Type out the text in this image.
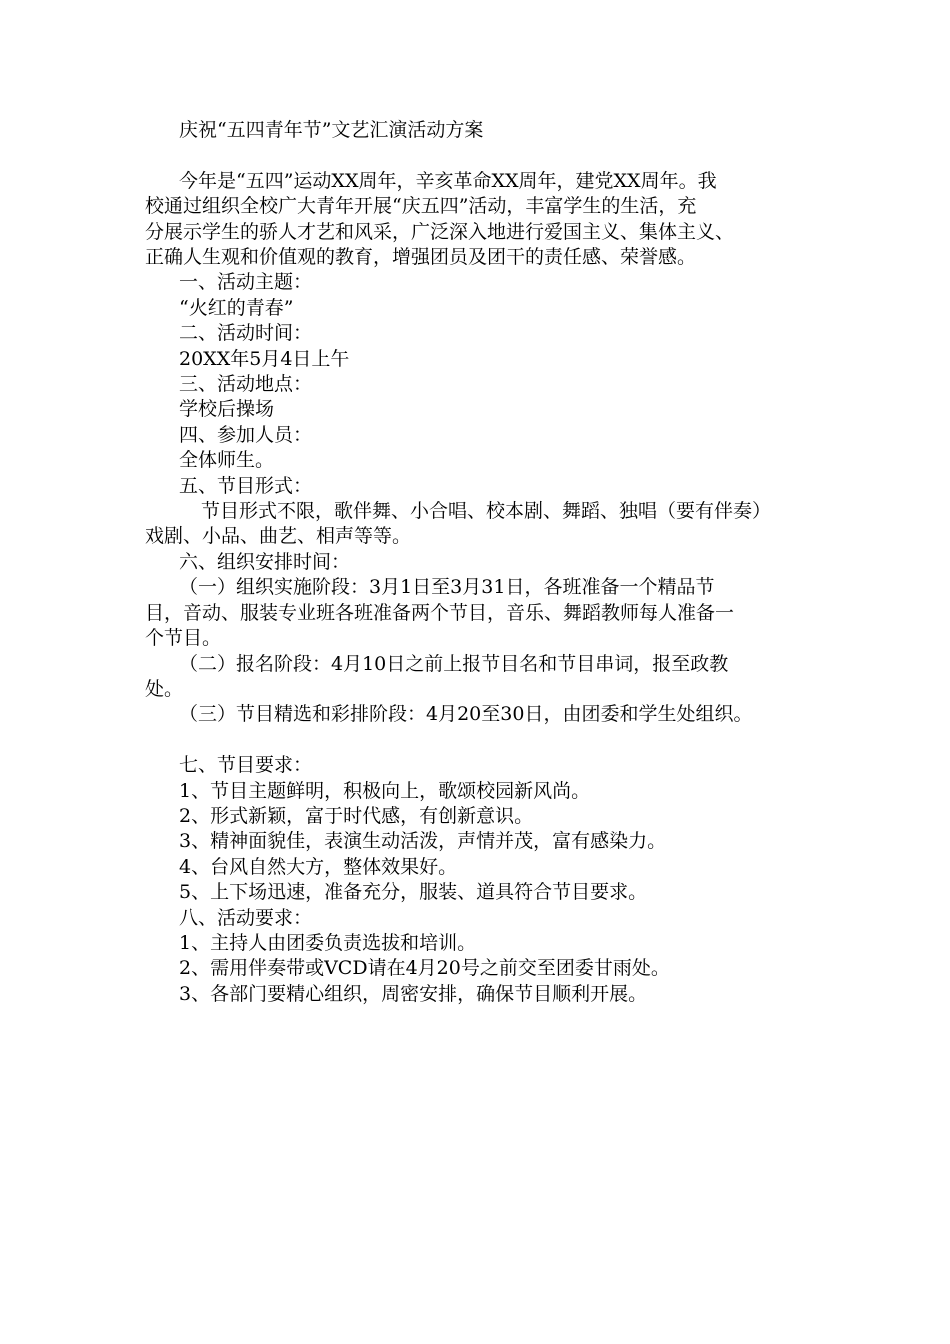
庆祝“五四青年节”文艺汇演活动方案
今年是“五四”运动XX周年，辛亥革命XX周年，建党XX周年。我
校通过组织全校广大青年开展“庆五四”活动，丰富学生的生活，充
分展示学生的骄人才艺和风采，广泛深入地进行爱国主义、集体主义、
正确人生观和价值观的教育，增强团员及团干的责任感、荣誉感。
一、活动主题：
“火红的青春”
二、活动时间：
20XX年5月4日上午
三、活动地点：
学校后操场
四、参加人员：
全体师生。
五、节目形式：
节目形式不限，歌伴舞、小合唱、校本剧、舞蹈、独唱（要有伴奏）
戏剧、小品、曲艺、相声等等。
六、组织安排时间：
（一）组织实施阶段：3月1日至3月31日，各班准备一个精品节
目，音动、服装专业班各班准备两个节目，音乐、舞蹈教师每人准备一
个节目。
（二）报名阶段：4月10日之前上报节目名和节目串词，报至政教
处。
（三）节目精选和彩排阶段：4月20至30日，由团委和学生处组织。
七、节目要求：
1、节目主题鲜明，积极向上，歌颂校园新风尚。
2、形式新颖，富于时代感，有创新意识。
3、精神面貌佳，表演生动活泼，声情并茂，富有感染力。
4、台风自然大方，整体效果好。
5、上下场迅速，准备充分，服装、道具符合节目要求。
八、活动要求：
1、主持人由团委负责选拔和培训。
2、需用伴奏带或VCD请在4月20号之前交至团委甘雨处。
3、各部门要精心组织，周密安排，确保节目顺利开展。
